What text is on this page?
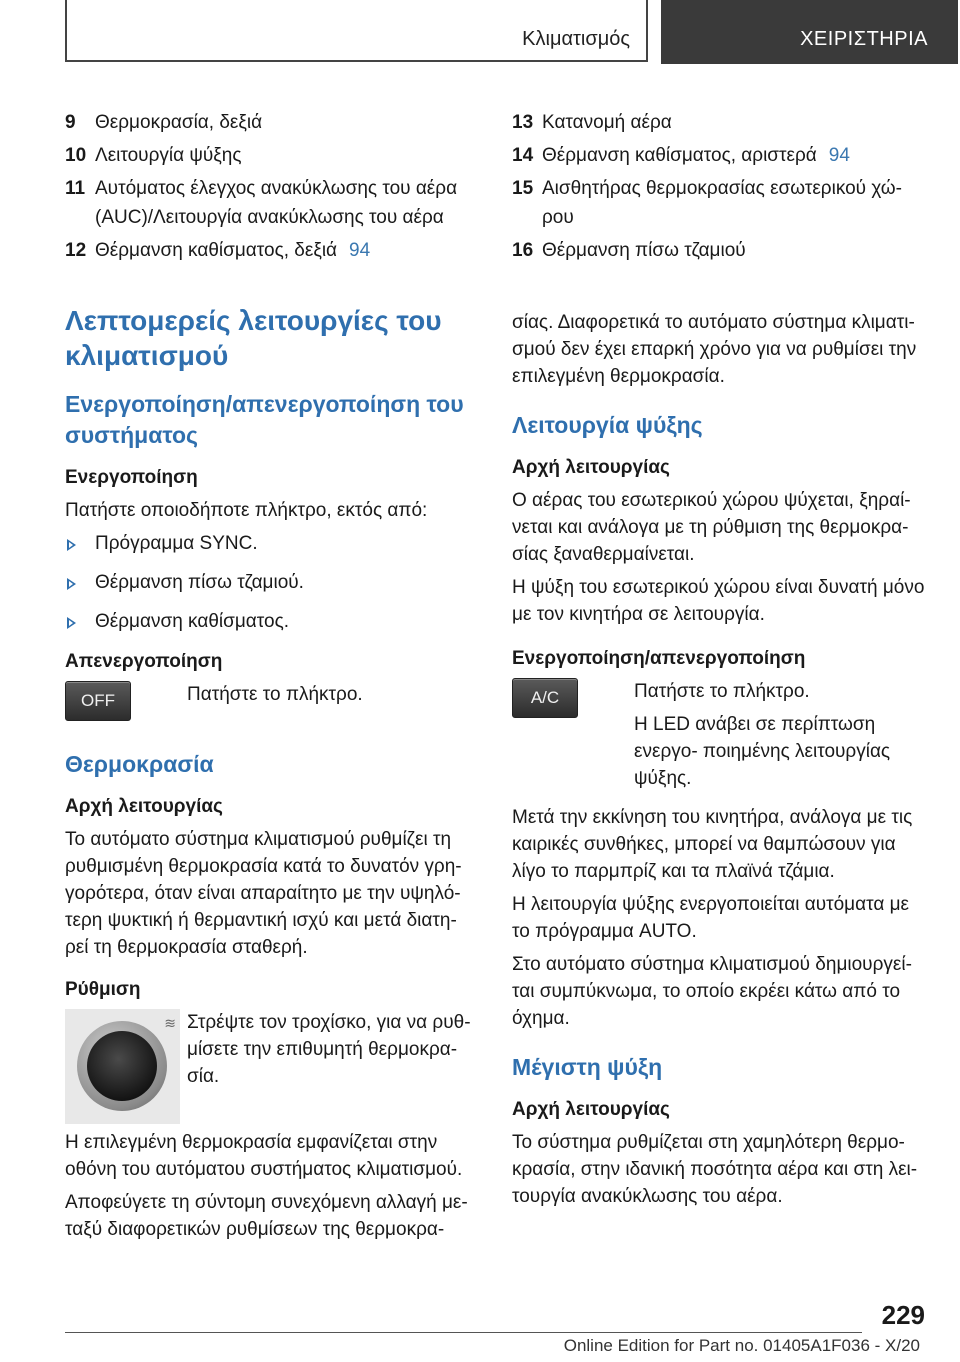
Κλιματισμός	ΧΕΙΡΙΣΤΗΡΙΑ
9 Θερμοκρασία, δεξιά
10 Λειτουργία ψύξης
11 Αυτόματος έλεγχος ανακύκλωσης του αέρα (AUC)/Λειτουργία ανακύκλωσης του αέρα
12 Θέρμανση καθίσματος, δεξιά 94
Λεπτομερείς λειτουργίες του κλιματισμού
Ενεργοποίηση/απενεργοποίηση του συστήματος
Ενεργοποίηση

Πατήστε οποιοδήποτε πλήκτρο, εκτός από:

Πρόγραμμα SYNC.
Θέρμανση πίσω τζαμιού.
Θέρμανση καθίσματος.
Απενεργοποίηση
OFF	Πατήστε το πλήκτρο.

Θερμοκρασία
Αρχή λειτουργίας

Το αυτόματο σύστημα κλιματισμού ρυθμίζει τη ρυθμισμένη θερμοκρασία κατά το δυνατόν γρη‐ γορότερα, όταν είναι απαραίτητο με την υψηλό‐ τερη ψυκτική ή θερμαντική ισχύ και μετά διατη‐ ρεί τη θερμοκρασία σταθερή.

Ρύθμιση
≋ Στρέψτε τον τροχίσκο, για να ρυθ‐ μίσετε την επιθυμητή θερμοκρα‐ σία.

Η επιλεγμένη θερμοκρασία εμφανίζεται στην οθόνη του αυτόματου συστήματος κλιματισμού.

Αποφεύγετε τη σύντομη συνεχόμενη αλλαγή με‐ ταξύ διαφορετικών ρυθμίσεων της θερμοκρα‐

13 Κατανομή αέρα
14 Θέρμανση καθίσματος, αριστερά 94
15 Αισθητήρας θερμοκρασίας εσωτερικού χώ‐ ρου
16 Θέρμανση πίσω τζαμιού

σίας. Διαφορετικά το αυτόματο σύστημα κλιματι‐ σμού δεν έχει επαρκή χρόνο για να ρυθμίσει την επιλεγμένη θερμοκρασία.

Λειτουργία ψύξης
Αρχή λειτουργίας

Ο αέρας του εσωτερικού χώρου ψύχεται, ξηραί‐ νεται και ανάλογα με τη ρύθμιση της θερμοκρα‐ σίας ξαναθερμαίνεται.

Η ψύξη του εσωτερικού χώρου είναι δυνατή μόνο με τον κινητήρα σε λειτουργία.

Ενεργοποίηση/απενεργοποίηση
A/C	Πατήστε το πλήκτρο.

Η LED ανάβει σε περίπτωση ενεργο‐ ποιημένης λειτουργίας ψύξης.

Μετά την εκκίνηση του κινητήρα, ανάλογα με τις καιρικές συνθήκες, μπορεί να θαμπώσουν για λίγο το παρμπρίζ και τα πλαϊνά τζάμια.

Η λειτουργία ψύξης ενεργοποιείται αυτόματα με το πρόγραμμα AUTO.

Στο αυτόματο σύστημα κλιματισμού δημιουργεί‐ ται συμπύκνωμα, το οποίο εκρέει κάτω από το όχημα.

Μέγιστη ψύξη
Αρχή λειτουργίας

Το σύστημα ρυθμίζεται στη χαμηλότερη θερμο‐ κρασία, στην ιδανική ποσότητα αέρα και στη λει‐ τουργία ανακύκλωσης του αέρα.

229
Online Edition for Part no. 01405A1F036 - X/20
